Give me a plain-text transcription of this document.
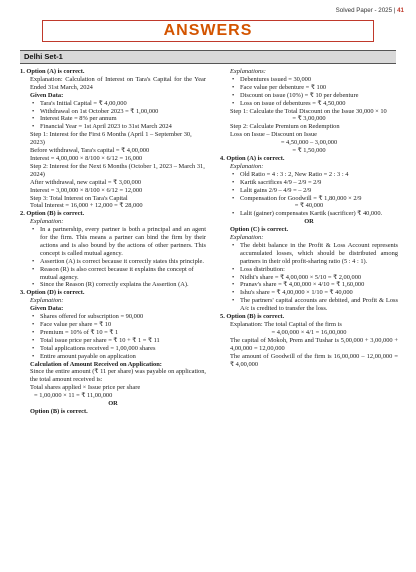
Solved Paper - 2025 | 41
ANSWERS
Delhi Set-1

1. Option (A) is correct.

Explanation: Calculation of Interest on Tara's Capital for the Year Ended 31st March, 2024

Given Data:

• Tara's Initial Capital = ₹ 4,00,000

• Withdrawal on 1st October 2023 = ₹ 1,00,000

• Interest Rate = 8% per annum

• Financial Year = 1st April 2023 to 31st March 2024

Step 1: Interest for the First 6 Months (April 1 – September 30, 2023)

Before withdrawal, Tara's capital = ₹ 4,00,000

Interest = 4,00,000 × 8/100 × 6/12 = 16,000

Step 2: Interest for the Next 6 Months (October 1, 2023 – March 31, 2024)

After withdrawal, new capital = ₹ 3,00,000

Interest = 3,00,000 × 8/100 × 6/12 = 12,000

Step 3: Total Interest on Tara's Capital

Total Interest = 16,000 + 12,000 = ₹ 28,000

2. Option (B) is correct.

Explanation:

• In a partnership, every partner is both a principal and an agent for the firm. This means a partner can bind the firm by their actions and is also bound by the actions of other partners. This concept is called mutual agency.

• Assertion (A) is correct because it correctly states this principle.

• Reason (R) is also correct because it explains the concept of mutual agency.

• Since the Reason (R) correctly explains the Assertion (A).

3. Option (D) is correct.

Explanation:

Given Data:

• Shares offered for subscription = 90,000

• Face value per share = ₹ 10

• Premium = 10% of ₹ 10 = ₹ 1

• Total issue price per share = ₹ 10 + ₹ 1 = ₹ 11

• Total applications received = 1,00,000 shares

• Entire amount payable on application

Calculation of Amount Received on Application:

Since the entire amount (₹ 11 per share) was payable on application, the total amount received is:

Total shares applied × Issue price per share

= 1,00,000 × 11 = ₹ 11,00,000

OR

Option (B) is correct.

Explanations:

• Debentures issued = 30,000

• Face value per debenture = ₹ 100

• Discount on issue (10%) = ₹ 10 per debenture

• Loss on issue of debentures = ₹ 4,50,000

Step 1: Calculate the Total Discount on the Issue 30,000 × 10

= ₹ 3,00,000

Step 2: Calculate Premium on Redemption

Loss on Issue – Discount on Issue

= 4,50,000 – 3,00,000

= ₹ 1,50,000

4. Option (A) is correct.

Explanation:

• Old Ratio = 4 : 3 : 2, New Ratio = 2 : 3 : 4

• Kartik sacrifices 4/9 – 2/9 = 2/9

• Lalit gains 2/9 – 4/9 = – 2/9

• Compensation for Goodwill = ₹ 1,80,000 × 2/9

= ₹ 40,000

• Lalit (gainer) compensates Kartik (sacrificer) ₹ 40,000.

OR

Option (C) is correct.

Explanation:

• The debit balance in the Profit & Loss Account represents accumulated losses, which should be distributed among partners in their old profit-sharing ratio (5 : 4 : 1).

• Loss distribution:

• Nidhi's share = ₹ 4,00,000 × 5/10 = ₹ 2,00,000

• Pranav's share = ₹ 4,00,000 × 4/10 = ₹ 1,60,000

• Ishu's share = ₹ 4,00,000 × 1/10 = ₹ 40,000

• The partners' capital accounts are debited, and Profit & Loss A/c is credited to transfer the loss.

5. Option (B) is correct.

Explanation: The total Capital of the firm is

= 4,00,000 × 4/1 = 16,00,000

The capital of Mokoh, Prem and Tushar is 5,00,000 + 3,00,000 + 4,00,000 = 12,00,000

The amount of Goodwill of the firm is 16,00,000 – 12,00,000 = ₹ 4,00,000
